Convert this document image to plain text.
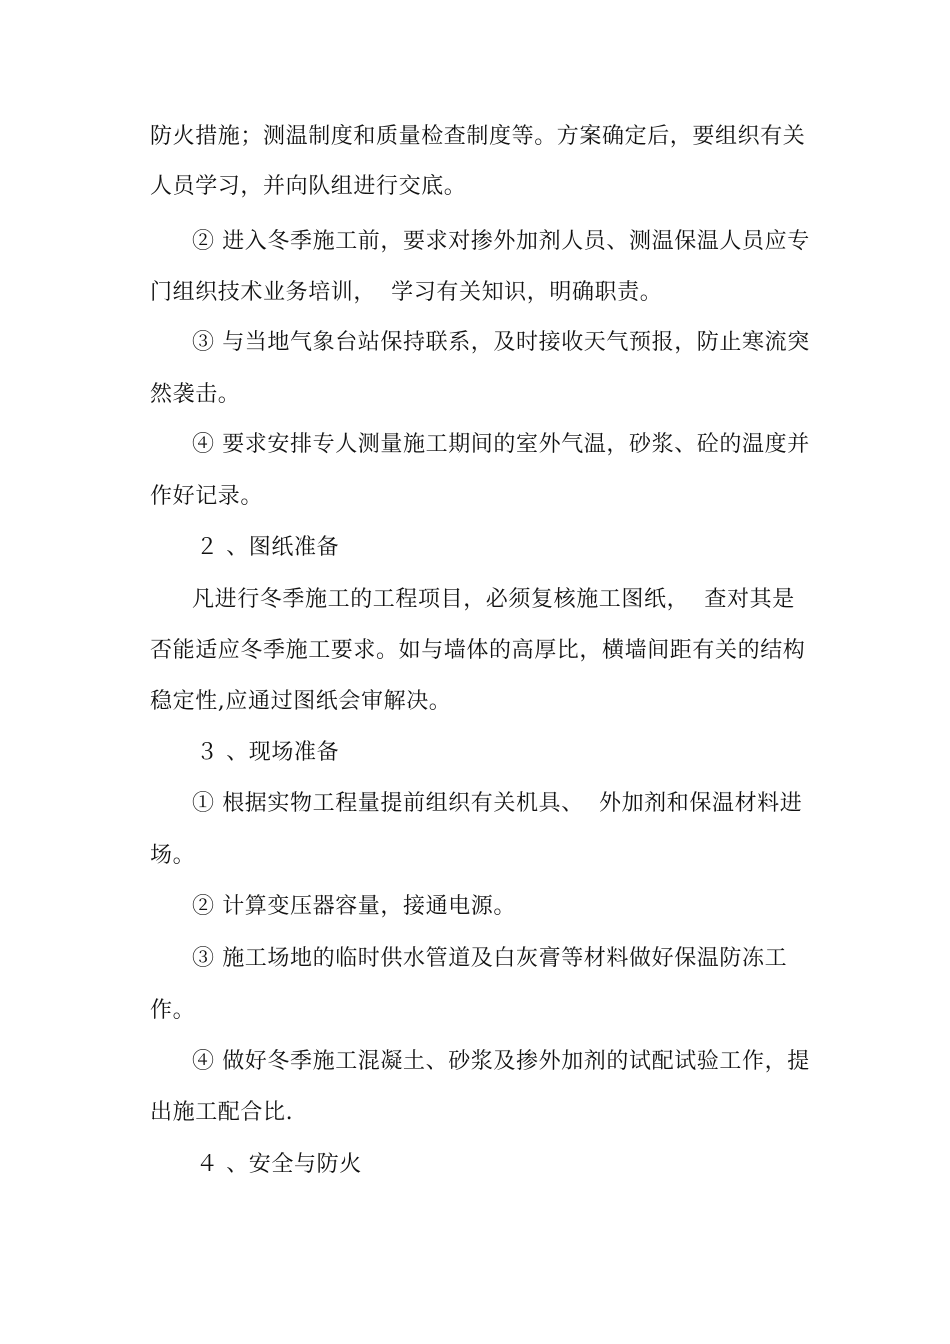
防火措施；测温制度和质量检查制度等。方案确定后，要组织有关
人员学习，并向队组进行交底。
② 进入冬季施工前，要求对掺外加剂人员、测温保温人员应专
门组织技术业务培训，  学习有关知识，明确职责。
③ 与当地气象台站保持联系，及时接收天气预报，防止寒流突
然袭击。
④ 要求安排专人测量施工期间的室外气温，砂浆、砼的温度并
作好记录。
２ 、图纸准备
凡进行冬季施工的工程项目，必须复核施工图纸，  查对其是
否能适应冬季施工要求。如与墙体的高厚比，横墙间距有关的结构
稳定性,应通过图纸会审解决。
３ 、现场准备
① 根据实物工程量提前组织有关机具、  外加剂和保温材料进
场。
② 计算变压器容量，接通电源。
③ 施工场地的临时供水管道及白灰膏等材料做好保温防冻工
作。
④ 做好冬季施工混凝土、砂浆及掺外加剂的试配试验工作，提
出施工配合比.
４ 、安全与防火
